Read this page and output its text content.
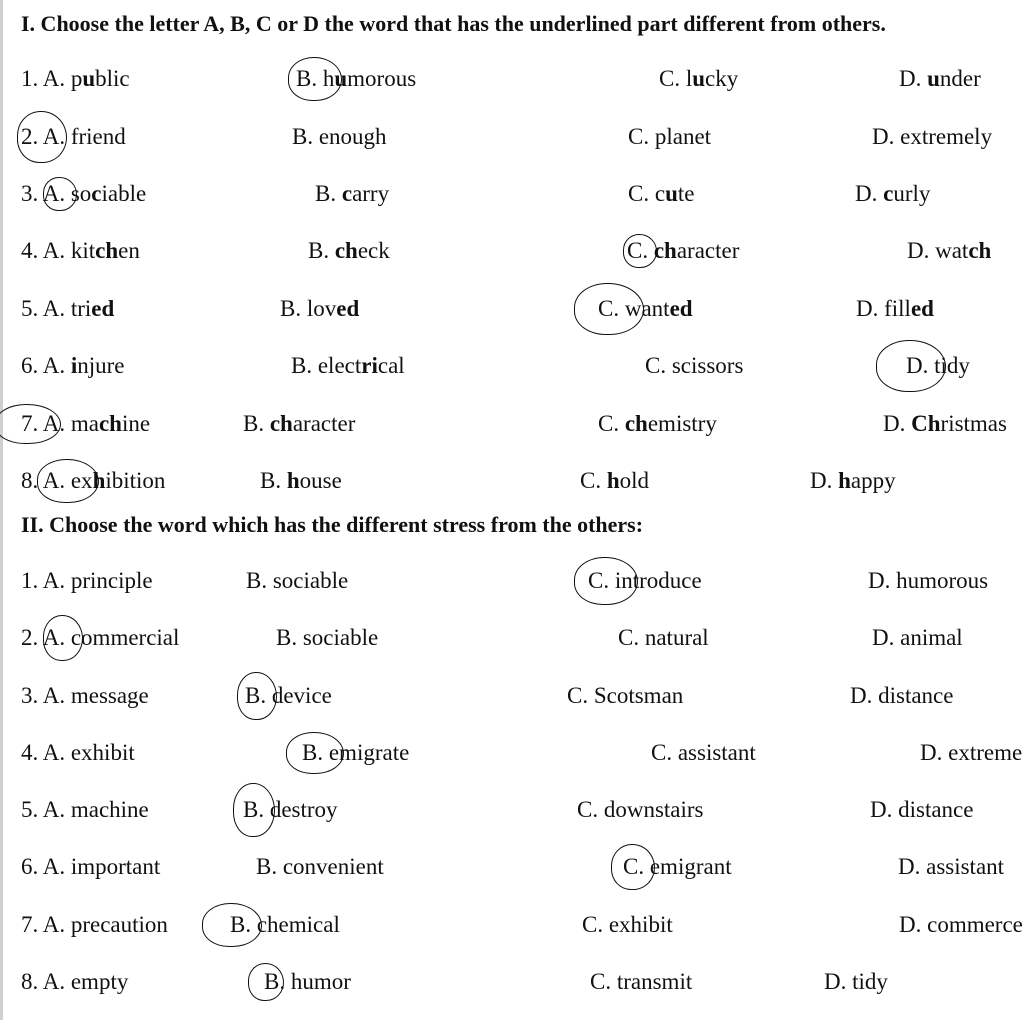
I. Choose the letter A, B, C or D the word that has the underlined part different from others.
II. Choose the word which has the different stress from the others:
1. A. public	B. humorous	C. lucky	D. under
2. A. friend	B. enough	C. planet	D. extremely
3. A. sociable	B. carry	C. cute	D. curly
4. A. kitchen	B. check	C. character	D. watch
5. A. tried	B. loved	C. wanted	D. filled
6. A. injure	B. electrical	C. scissors	D. tidy
7. A. machine	B. character	C. chemistry	D. Christmas
8. A. exhibition	B. house	C. hold	D. happy
1. A. principle	B. sociable	C. introduce	D. humorous
2. A. commercial	B. sociable	C. natural	D. animal
3. A. message	B. device	C. Scotsman	D. distance
4. A. exhibit	B. emigrate	C. assistant	D. extreme
5. A. machine	B. destroy	C. downstairs	D. distance
6. A. important	B. convenient	C. emigrant	D. assistant
7. A. precaution	B. chemical	C. exhibit	D. commerce
8. A. empty	B. humor	C. transmit	D. tidy
